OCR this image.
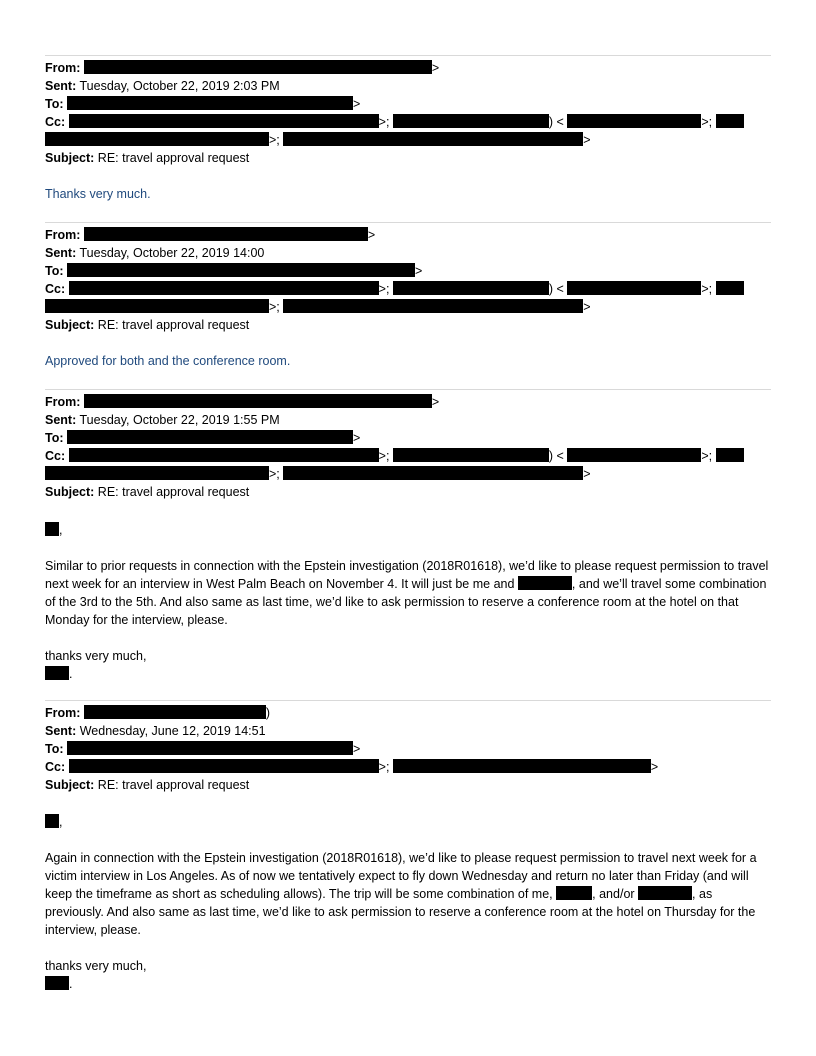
From:	>
Sent: Tuesday, October 22, 2019 2:03 PM
To:	>
Cc:	>;	) <	>;
>;	>
Subject: RE: travel approval request
Thanks very much.
From:	>
Sent: Tuesday, October 22, 2019 14:00
To:	>
Cc:	>;	) <	>;
>;	>
Subject: RE: travel approval request
Approved for both and the conference room.
From:	>
Sent: Tuesday, October 22, 2019 1:55 PM
To:	>
Cc:	>;	) <	>;
>;	>
Subject: RE: travel approval request
,

Similar to prior requests in connection with the Epstein investigation (2018R01618), we’d like to please request permission to travel next week for an interview in West Palm Beach on November 4. It will just be me and	, and we’ll travel some combination of the 3rd to the 5th. And also same as last time, we’d like to ask permission to reserve a conference room at the hotel on that Monday for the interview, please.

thanks very much,
.
From:	)
Sent: Wednesday, June 12, 2019 14:51
To:	>
Cc:	>;	>
Subject: RE: travel approval request
,

Again in connection with the Epstein investigation (2018R01618), we’d like to please request permission to travel next week for a victim interview in Los Angeles. As of now we tentatively expect to fly down Wednesday and return no later than Friday (and will keep the timeframe as short as scheduling allows). The trip will be some combination of me,	, and/or	, as previously. And also same as last time, we’d like to ask permission to reserve a conference room at the hotel on Thursday for the interview, please.

thanks very much,
.
